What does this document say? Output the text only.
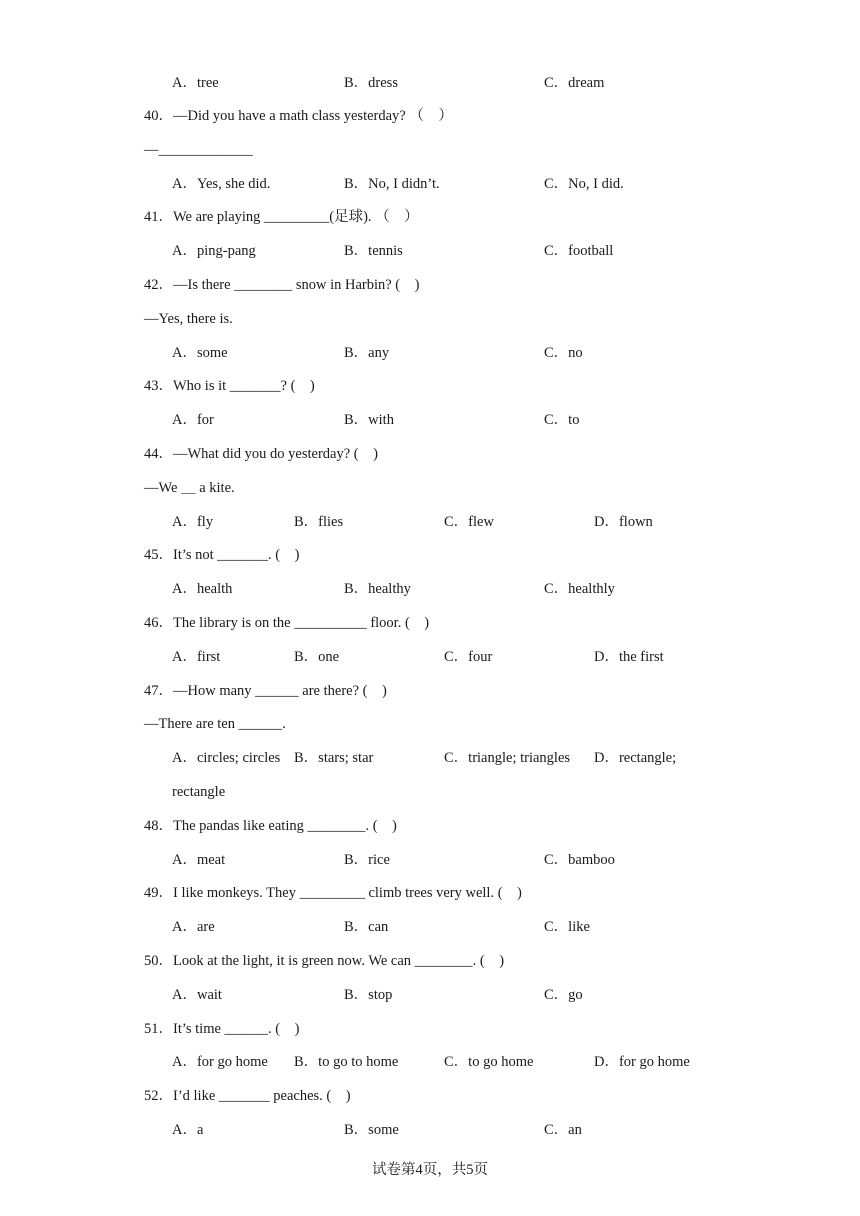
A．tree	B．dress	C．dream
40．—Did you have a math class yesterday? （　）
—_____________
A．Yes, she did.	B．No, I didn’t.	C．No, I did.
41．We are playing _________(足球). （　）
A．ping-pang	B．tennis	C．football
42．—Is there ________ snow in Harbin? (　)
—Yes, there is.
A．some	B．any	C．no
43．Who is it _______? (　)
A．for	B．with	C．to
44．—What did you do yesterday? (　)
—We ＿ a kite.
A．fly	B．flies	C．flew	D．flown
45．It’s not _______. (　)
A．health	B．healthy	C．healthly
46．The library is on the __________ floor. (　)
A．first	B．one	C．four	D．the first
47．—How many ______ are there? (　)
—There are ten ______.
A．circles; circles B．stars; star	C．triangle; triangles D．rectangle;
rectangle
48．The pandas like eating ________. (　)
A．meat	B．rice	C．bamboo
49．I like monkeys. They _________ climb trees very well. (　)
A．are	B．can	C．like
50．Look at the light, it is green now. We can ________. (　)
A．wait	B．stop	C．go
51．It’s time ______. (　)
A．for go home B．to go to home	C．to go home	D．for go home
52．I’d like _______ peaches. (　)
A．a	B．some	C．an
试卷第4页，共5页
